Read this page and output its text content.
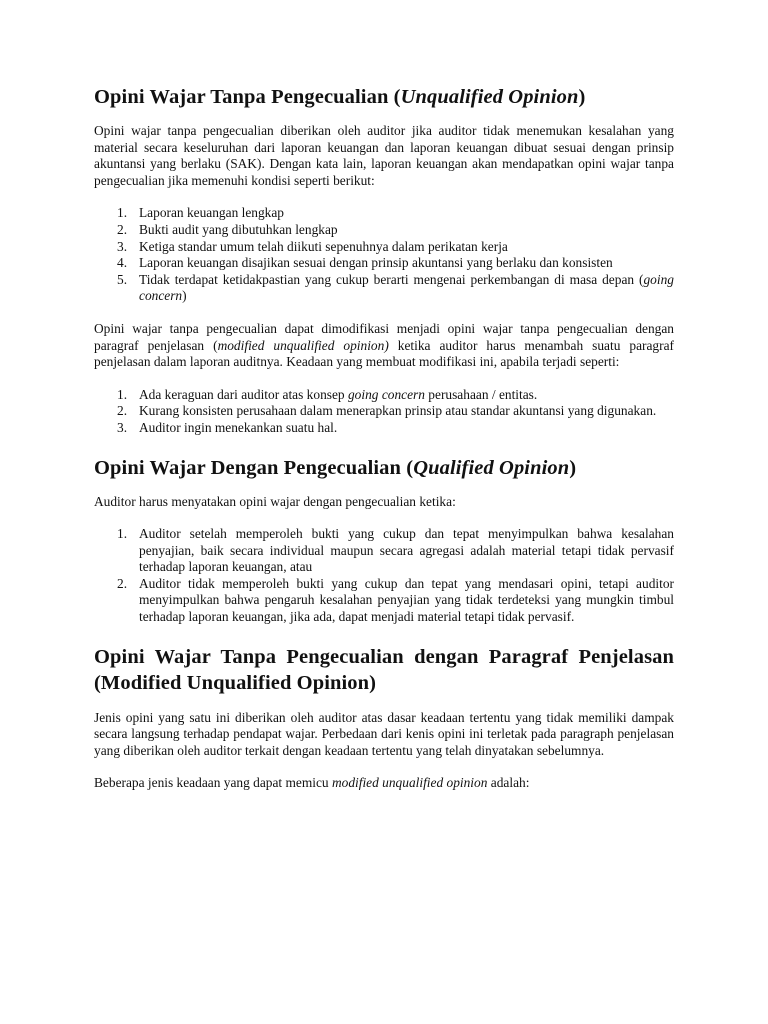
Opini Wajar Tanpa Pengecualian (Unqualified Opinion)

Opini wajar tanpa pengecualian diberikan oleh auditor jika auditor tidak menemukan kesalahan yang material secara keseluruhan dari laporan keuangan dan laporan keuangan dibuat sesuai dengan prinsip akuntansi yang berlaku (SAK). Dengan kata lain, laporan keuangan akan mendapatkan opini wajar tanpa pengecualian jika memenuhi kondisi seperti berikut:

1. Laporan keuangan lengkap
2. Bukti audit yang dibutuhkan lengkap
3. Ketiga standar umum telah diikuti sepenuhnya dalam perikatan kerja
4. Laporan keuangan disajikan sesuai dengan prinsip akuntansi yang berlaku dan konsisten
5. Tidak terdapat ketidakpastian yang cukup berarti mengenai perkembangan di masa depan (going concern)

Opini wajar tanpa pengecualian dapat dimodifikasi menjadi opini wajar tanpa pengecualian dengan paragraf penjelasan (modified unqualified opinion) ketika auditor harus menambah suatu paragraf penjelasan dalam laporan auditnya. Keadaan yang membuat modifikasi ini, apabila terjadi seperti:

1. Ada keraguan dari auditor atas konsep going concern perusahaan / entitas.
2. Kurang konsisten perusahaan dalam menerapkan prinsip atau standar akuntansi yang digunakan.
3. Auditor ingin menekankan suatu hal.
Opini Wajar Dengan Pengecualian (Qualified Opinion)

Auditor harus menyatakan opini wajar dengan pengecualian ketika:

1. Auditor setelah memperoleh bukti yang cukup dan tepat menyimpulkan bahwa kesalahan penyajian, baik secara individual maupun secara agregasi adalah material tetapi tidak pervasif terhadap laporan keuangan, atau
2. Auditor tidak memperoleh bukti yang cukup dan tepat yang mendasari opini, tetapi auditor menyimpulkan bahwa pengaruh kesalahan penyajian yang tidak terdeteksi yang mungkin timbul terhadap laporan keuangan, jika ada, dapat menjadi material tetapi tidak pervasif.
Opini Wajar Tanpa Pengecualian dengan Paragraf Penjelasan (Modified Unqualified Opinion)

Jenis opini yang satu ini diberikan oleh auditor atas dasar keadaan tertentu yang tidak memiliki dampak secara langsung terhadap pendapat wajar. Perbedaan dari kenis opini ini terletak pada paragraph penjelasan yang diberikan oleh auditor terkait dengan keadaan tertentu yang telah dinyatakan sebelumnya.

Beberapa jenis keadaan yang dapat memicu modified unqualified opinion adalah:
